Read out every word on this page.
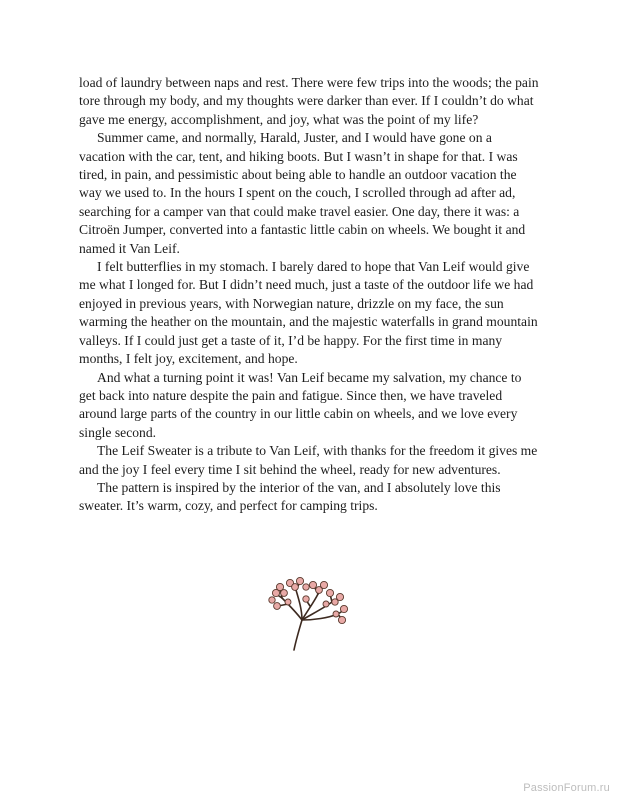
load of laundry between naps and rest. There were few trips into the woods; the pain tore through my body, and my thoughts were darker than ever. If I couldn’t do what gave me energy, accomplishment, and joy, what was the point of my life?

Summer came, and normally, Harald, Juster, and I would have gone on a vacation with the car, tent, and hiking boots. But I wasn’t in shape for that. I was tired, in pain, and pessimistic about being able to handle an outdoor vacation the way we used to. In the hours I spent on the couch, I scrolled through ad after ad, searching for a camper van that could make travel easier. One day, there it was: a Citroën Jumper, converted into a fantastic little cabin on wheels. We bought it and named it Van Leif.

I felt butterflies in my stomach. I barely dared to hope that Van Leif would give me what I longed for. But I didn’t need much, just a taste of the outdoor life we had enjoyed in previous years, with Norwegian nature, drizzle on my face, the sun warming the heather on the mountain, and the majestic waterfalls in grand mountain valleys. If I could just get a taste of it, I’d be happy. For the first time in many months, I felt joy, excitement, and hope.

And what a turning point it was! Van Leif became my salvation, my chance to get back into nature despite the pain and fatigue. Since then, we have traveled around large parts of the country in our little cabin on wheels, and we love every single second.

The Leif Sweater is a tribute to Van Leif, with thanks for the freedom it gives me and the joy I feel every time I sit behind the wheel, ready for new adventures.

The pattern is inspired by the interior of the van, and I absolutely love this sweater. It’s warm, cozy, and perfect for camping trips.

PassionForum.ru
